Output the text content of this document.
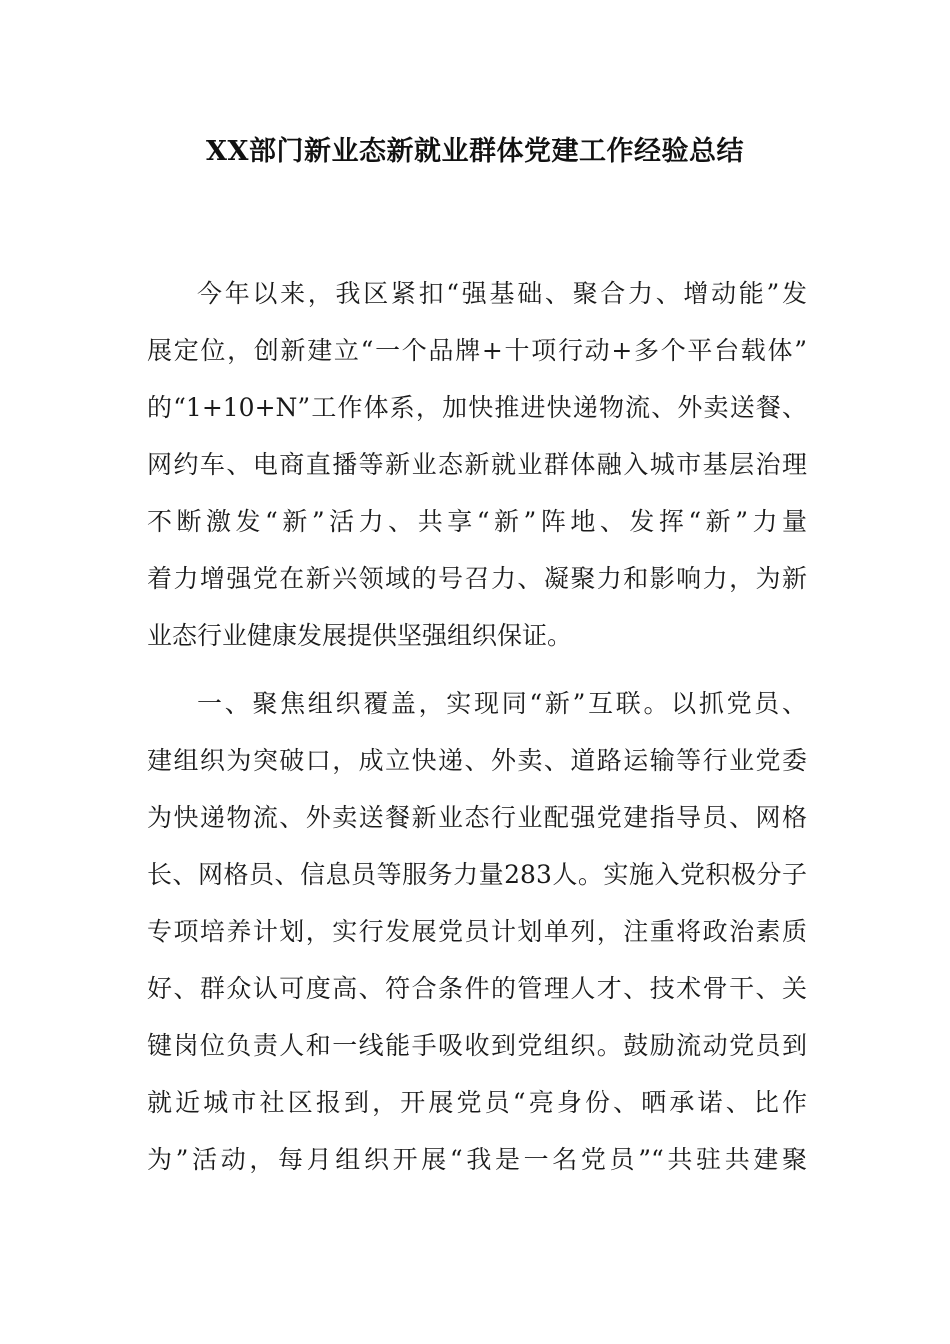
XX部门新业态新就业群体党建工作经验总结
今年以来，我区紧扣“强基础、聚合力、增动能”发
展定位，创新建立“一个品牌+十项行动+多个平台载体”
的“1+10+N”工作体系，加快推进快递物流、外卖送餐、
网约车、电商直播等新业态新就业群体融入城市基层治理
不断激发“新”活力、共享“新”阵地、发挥“新”力量
着力增强党在新兴领域的号召力、凝聚力和影响力，为新
业态行业健康发展提供坚强组织保证。
一、聚焦组织覆盖，实现同“新”互联。以抓党员、
建组织为突破口，成立快递、外卖、道路运输等行业党委
为快递物流、外卖送餐新业态行业配强党建指导员、网格
长、网格员、信息员等服务力量283人。实施入党积极分子
专项培养计划，实行发展党员计划单列，注重将政治素质
好、群众认可度高、符合条件的管理人才、技术骨干、关
键岗位负责人和一线能手吸收到党组织。鼓励流动党员到
就近城市社区报到，开展党员“亮身份、晒承诺、比作
为”活动，每月组织开展“我是一名党员”“共驻共建聚
